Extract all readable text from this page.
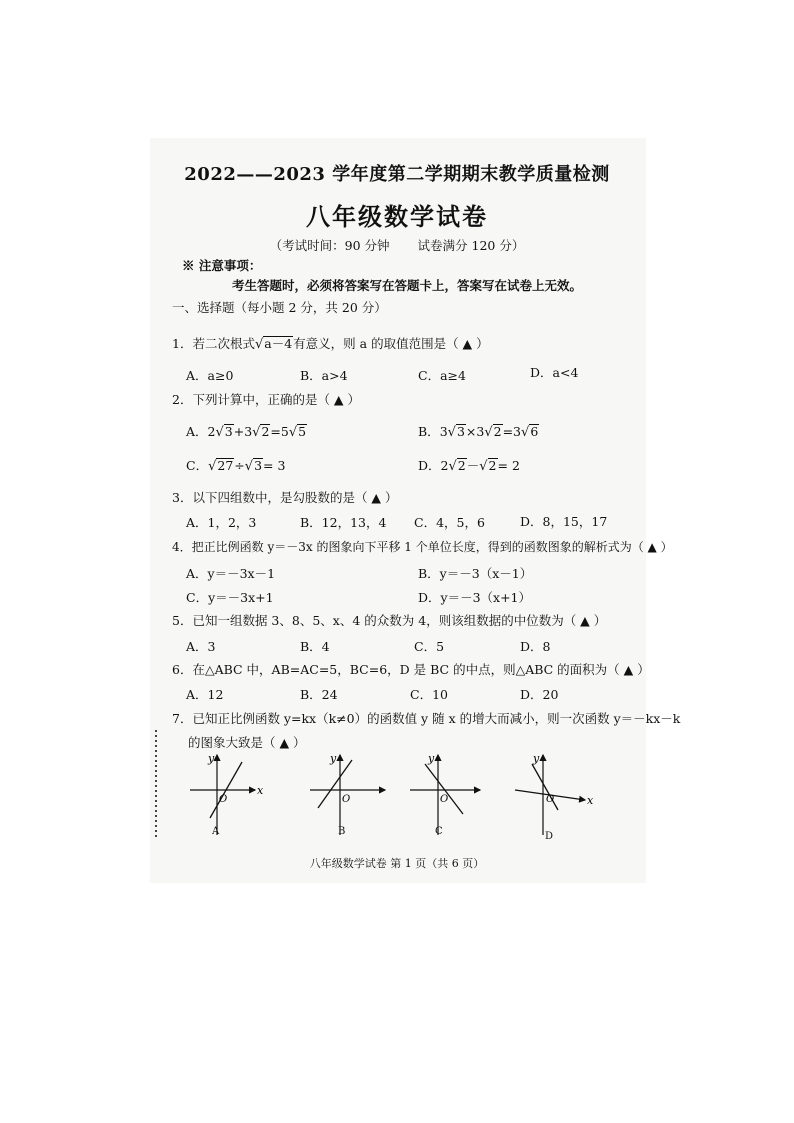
2022——2023 学年度第二学期期末教学质量检测
八年级数学试卷
（考试时间：90 分钟 试卷满分 120 分）
※ 注意事项：
考生答题时，必须将答案写在答题卡上，答案写在试卷上无效。
一、选择题（每小题 2 分，共 20 分）
1．若二次根式√a－4有意义，则 a 的取值范围是（ ▲ ）
A．a≥0	B．a>4	C．a≥4	D．a<4
2．下列计算中，正确的是（ ▲ ）
A．2√3+3√2=5√5	B．3√3×3√2=3√6
C．√27÷√3= 3	D．2√2－√2= 2
3．以下四组数中，是勾股数的是（ ▲ ）
A．1，2，3	B．12，13，4 C．4，5，6	D．8，15，17
4．把正比例函数 y＝－3x 的图象向下平移 1 个单位长度，得到的函数图象的解析式为（ ▲ ）
A．y＝－3x－1	B．y＝－3（x－1）
C．y＝－3x+1	D．y＝－3（x+1）
5．已知一组数据 3、8、5、x、4 的众数为 4，则该组数据的中位数为（ ▲ ）
A．3	B．4	C．5	D．8
6．在△ABC 中，AB=AC=5，BC=6，D 是 BC 的中点，则△ABC 的面积为（ ▲ ）
A．12	B．24	C．10	D．20
7．已知正比例函数 y=kx（k≠0）的函数值 y 随 x 的增大而减小，则一次函数 y＝－kx－k
的图象大致是（ ▲ ）
y
x
O
y
O
y
O
y
x
O
A	B	C	D
八年级数学试卷 第 1 页（共 6 页）
